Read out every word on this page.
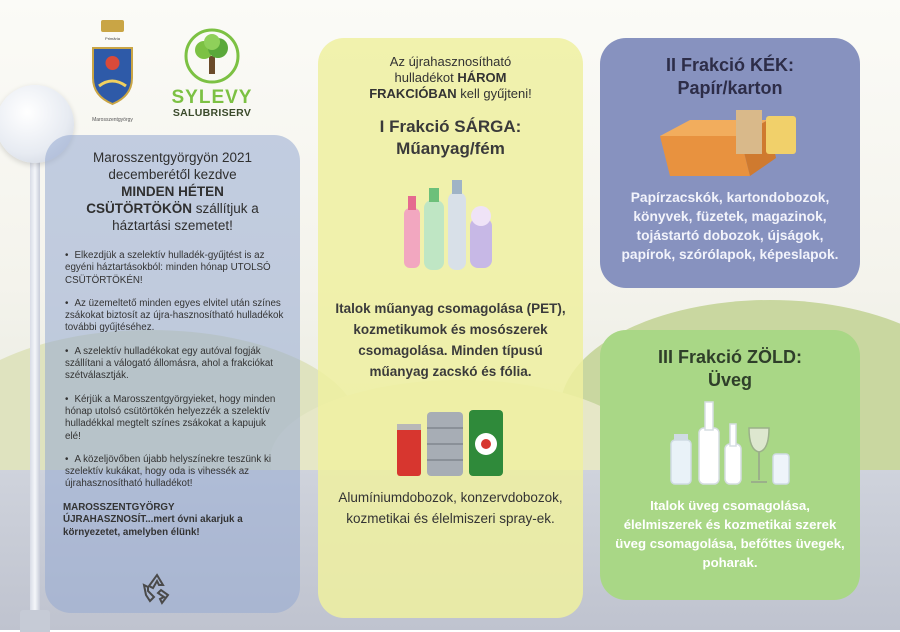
Primăria
Marosszentgyörgy
SYLEVY
SALUBRISERV
Marosszentgyörgyön 2021
decemberétől kezdve
MINDEN HÉTEN
CSÜTÖRTÖKÖN szállítjuk a
háztartási szemetet!
• Elkezdjük a szelektív hulladék-gyűjtést is az egyéni háztartásokból: minden hónap UTOLSÓ CSÜTÖRTÖKÉN!
• Az üzemeltető minden egyes elvitel után színes zsákokat biztosít az újra-hasznosítható hulladékok további gyűjtéséhez.
• A szelektív hulladékokat egy autóval fogják szállítani a válogató állomásra, ahol a frakciókat szétválasztják.
• Kérjük a Marosszentgyörgyieket, hogy minden hónap utolsó csütörtökén helyezzék a szelektív hulladékkal megtelt színes zsákokat a kapujuk elé!
• A közeljövőben újabb helyszínekre teszünk ki szelektív kukákat, hogy oda is vihessék az újrahasznosítható hulladékot!
MAROSSZENTGYÖRGY ÚJRAHASZNOSÍT...mert óvni akarjuk a környezetet, amelyben élünk!
Az újrahasznosítható
hulladékot HÁROM
FRAKCIÓBAN kell gyűjteni!
I Frakció SÁRGA:
Műanyag/fém
Italok műanyag csomagolása (PET), kozmetikumok és mosószerek csomagolása. Minden típusú műanyag zacskó és fólia.
Alumíniumdobozok, konzervdobozok, kozmetikai és élelmiszeri spray-ek.
II Frakció KÉK:
Papír/karton
Papírzacskók, kartondobozok, könyvek, füzetek, magazinok, tojástartó dobozok, újságok, papírok, szórólapok, képeslapok.
III Frakció ZÖLD:
Üveg
Italok üveg csomagolása, élelmiszerek és kozmetikai szerek üveg csomagolása, befőttes üvegek, poharak.
